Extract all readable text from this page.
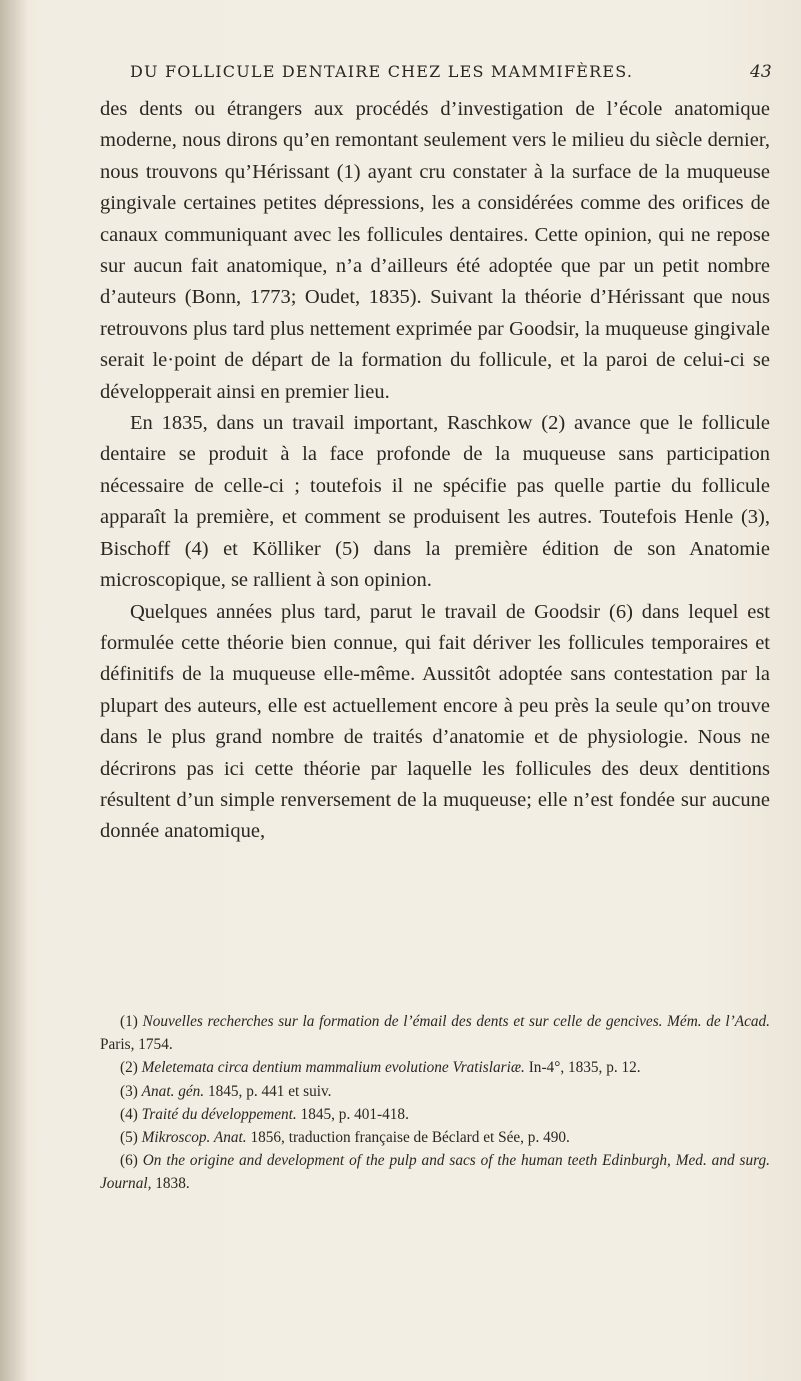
DU FOLLICULE DENTAIRE CHEZ LES MAMMIFÈRES.	43

des dents ou étrangers aux procédés d’investigation de l’école anatomique moderne, nous dirons qu’en remontant seulement vers le milieu du siècle dernier, nous trouvons qu’Hérissant (1) ayant cru constater à la surface de la muqueuse gingivale certaines petites dépressions, les a considérées comme des orifices de canaux communiquant avec les follicules dentaires. Cette opinion, qui ne repose sur aucun fait anatomique, n’a d’ailleurs été adoptée que par un petit nombre d’auteurs (Bonn, 1773; Oudet, 1835). Suivant la théorie d’Hérissant que nous retrouvons plus tard plus nettement exprimée par Goodsir, la muqueuse gingivale serait le·point de départ de la formation du follicule, et la paroi de celui-ci se développerait ainsi en premier lieu.

En 1835, dans un travail important, Raschkow (2) avance que le follicule dentaire se produit à la face profonde de la muqueuse sans participation nécessaire de celle-ci ; toutefois il ne spécifie pas quelle partie du follicule apparaît la première, et comment se produisent les autres. Toutefois Henle (3), Bischoff (4) et Kölliker (5) dans la première édition de son Anatomie microscopique, se rallient à son opinion.

Quelques années plus tard, parut le travail de Goodsir (6) dans lequel est formulée cette théorie bien connue, qui fait dériver les follicules temporaires et définitifs de la muqueuse elle-même. Aussitôt adoptée sans contestation par la plupart des auteurs, elle est actuellement encore à peu près la seule qu’on trouve dans le plus grand nombre de traités d’anatomie et de physiologie. Nous ne décrirons pas ici cette théorie par laquelle les follicules des deux dentitions résultent d’un simple renversement de la muqueuse; elle n’est fondée sur aucune donnée anatomique,

(1) Nouvelles recherches sur la formation de l’émail des dents et sur celle de gencives. Mém. de l’Acad. Paris, 1754.

(2) Meletemata circa dentium mammalium evolutione Vratislariæ. In-4°, 1835, p. 12.

(3) Anat. gén. 1845, p. 441 et suiv.

(4) Traité du développement. 1845, p. 401-418.

(5) Mikroscop. Anat. 1856, traduction française de Béclard et Sée, p. 490.

(6) On the origine and development of the pulp and sacs of the human teeth Edinburgh, Med. and surg. Journal, 1838.
